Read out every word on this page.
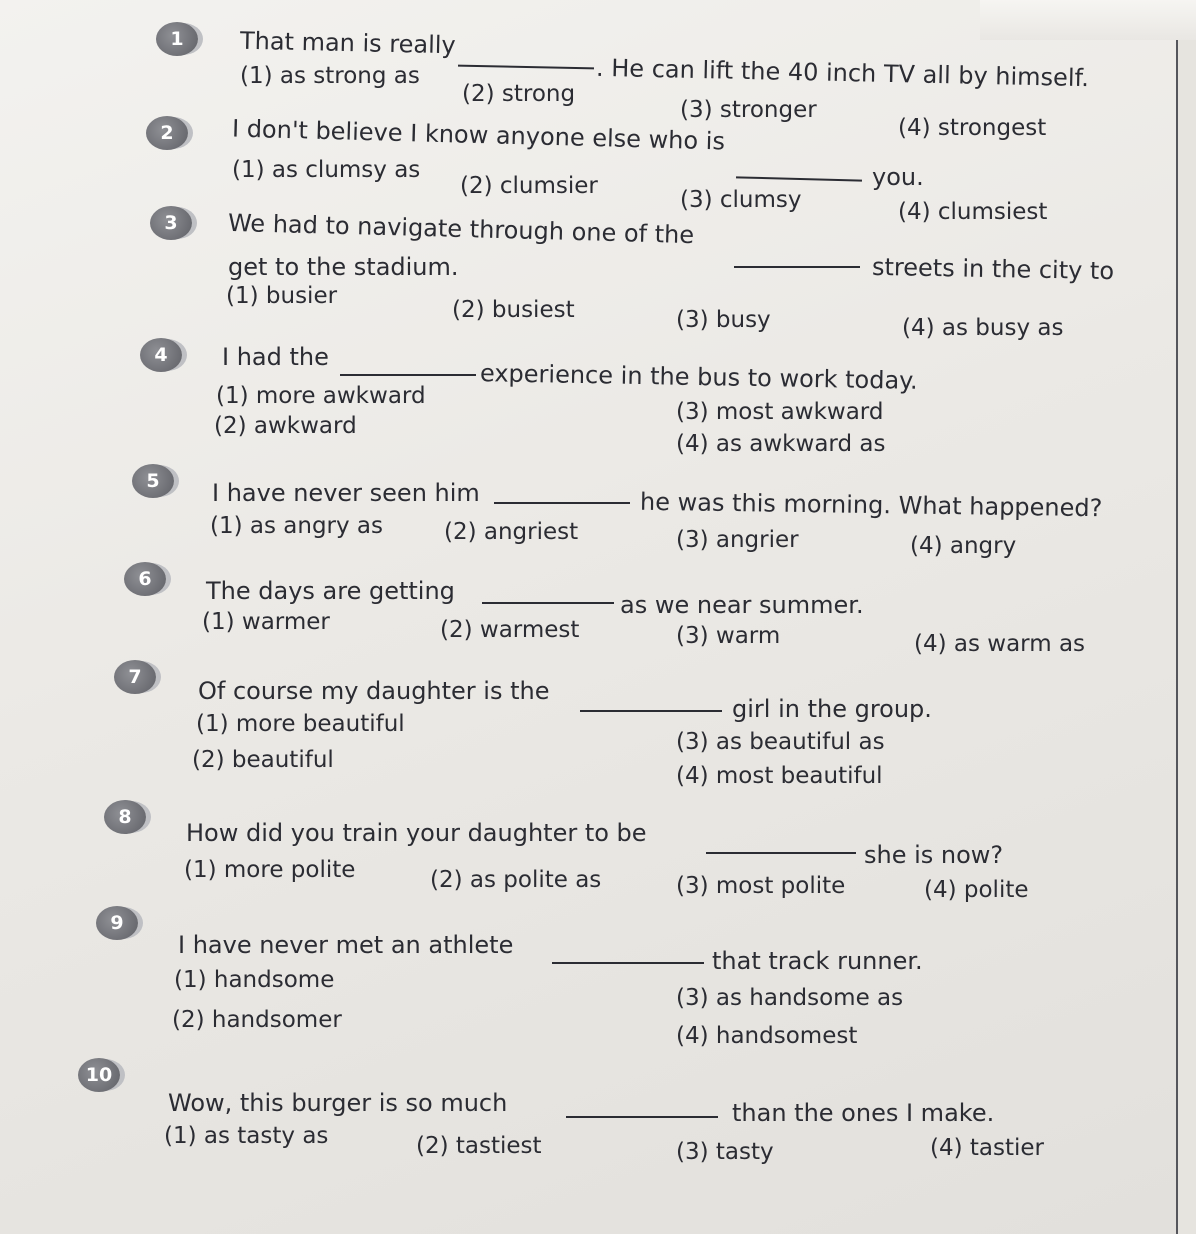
1	That man is really
. He can lift the 40 inch TV all by himself.
(1) as strong as
(2) strong
(3) stronger
(4) strongest
2	I don't believe I know anyone else who is
you.
(1) as clumsy as
(2) clumsier
(3) clumsy	(4) clumsiest
3	We had to navigate through one of the
streets in the city to
get to the stadium.
(1) busier
(2) busiest	(3) busy	(4) as busy as
4	I had the
experience in the bus to work today.
(1) more awkward
(2) awkward
(3) most awkward
(4) as awkward as
5	I have never seen him	he was this morning. What happened?
(1) as angry as	(2) angriest	(3) angrier	(4) angry
6	The days are getting	as we near summer.
(1) warmer	(2) warmest	(3) warm	(4) as warm as
7	Of course my daughter is the
girl in the group.
(1) more beautiful
(2) beautiful
(3) as beautiful as
(4) most beautiful
8
How did you train your daughter to be
she is now?
(1) more polite	(2) as polite as	(3) most polite	(4) polite
9
I have never met an athlete
that track runner.
(1) handsome
(2) handsomer
(3) as handsome as
(4) handsomest
10
Wow, this burger is so much	than the ones I make.
(1) as tasty as	(2) tastiest	(3) tasty	(4) tastier
